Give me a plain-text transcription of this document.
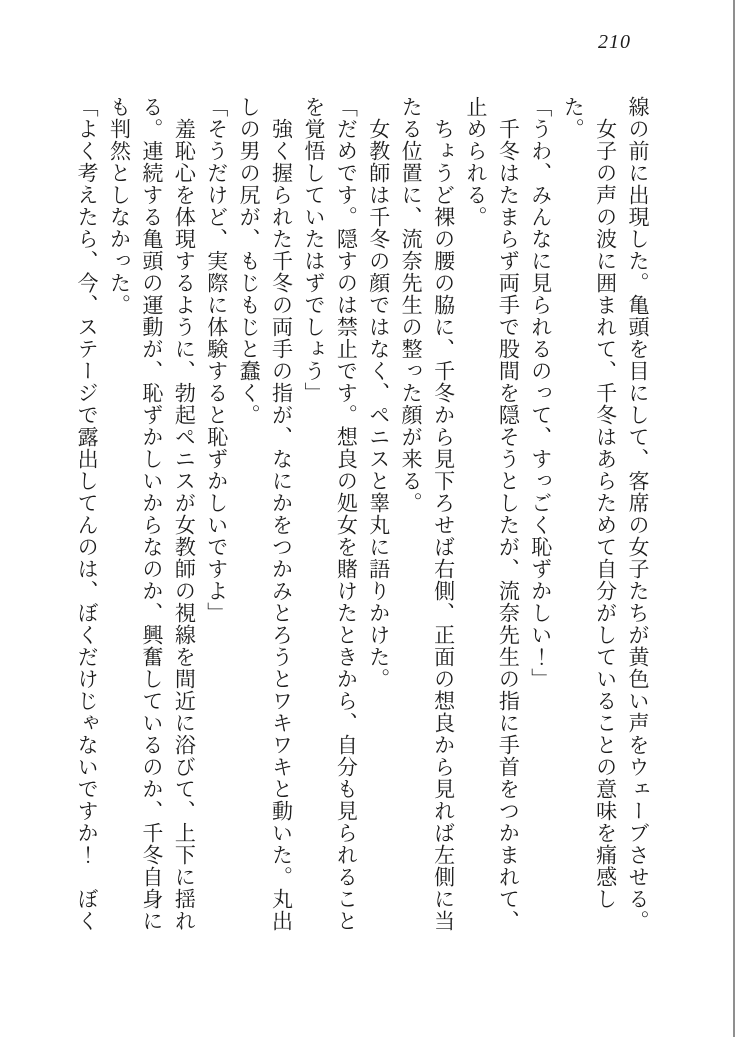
210
線の前に出現した。亀頭を目にして、客席の女子たちが黄色い声をウェーブさせる。
　女子の声の波に囲まれて、千冬はあらためて自分がしていることの意味を痛感した。
「うわ、みんなに見られるのって、すっごく恥ずかしい！」
　千冬はたまらず両手で股間を隠そうとしたが、流奈先生の指に手首をつかまれて、
止められる。
　ちょうど裸の腰の脇に、千冬から見下ろせば右側、正面の想良から見れば左側に当
たる位置に、流奈先生の整った顔が来る。
　女教師は千冬の顔ではなく、ペニスと睾丸に語りかけた。
「だめです。隠すのは禁止です。想良の処女を賭けたときから、自分も見られること
を覚悟していたはずでしょう」
　強く握られた千冬の両手の指が、なにかをつかみとろうとワキワキと動いた。丸出
しの男の尻が、もじもじと蠢く。
「そうだけど、実際に体験すると恥ずかしいですよ」
　羞恥心を体現するように、勃起ペニスが女教師の視線を間近に浴びて、上下に揺れ
る。連続する亀頭の運動が、恥ずかしいからなのか、興奮しているのか、千冬自身に
も判然としなかった。
「よく考えたら、今、ステージで露出してんのは、ぼくだけじゃないですか！　ぼく
